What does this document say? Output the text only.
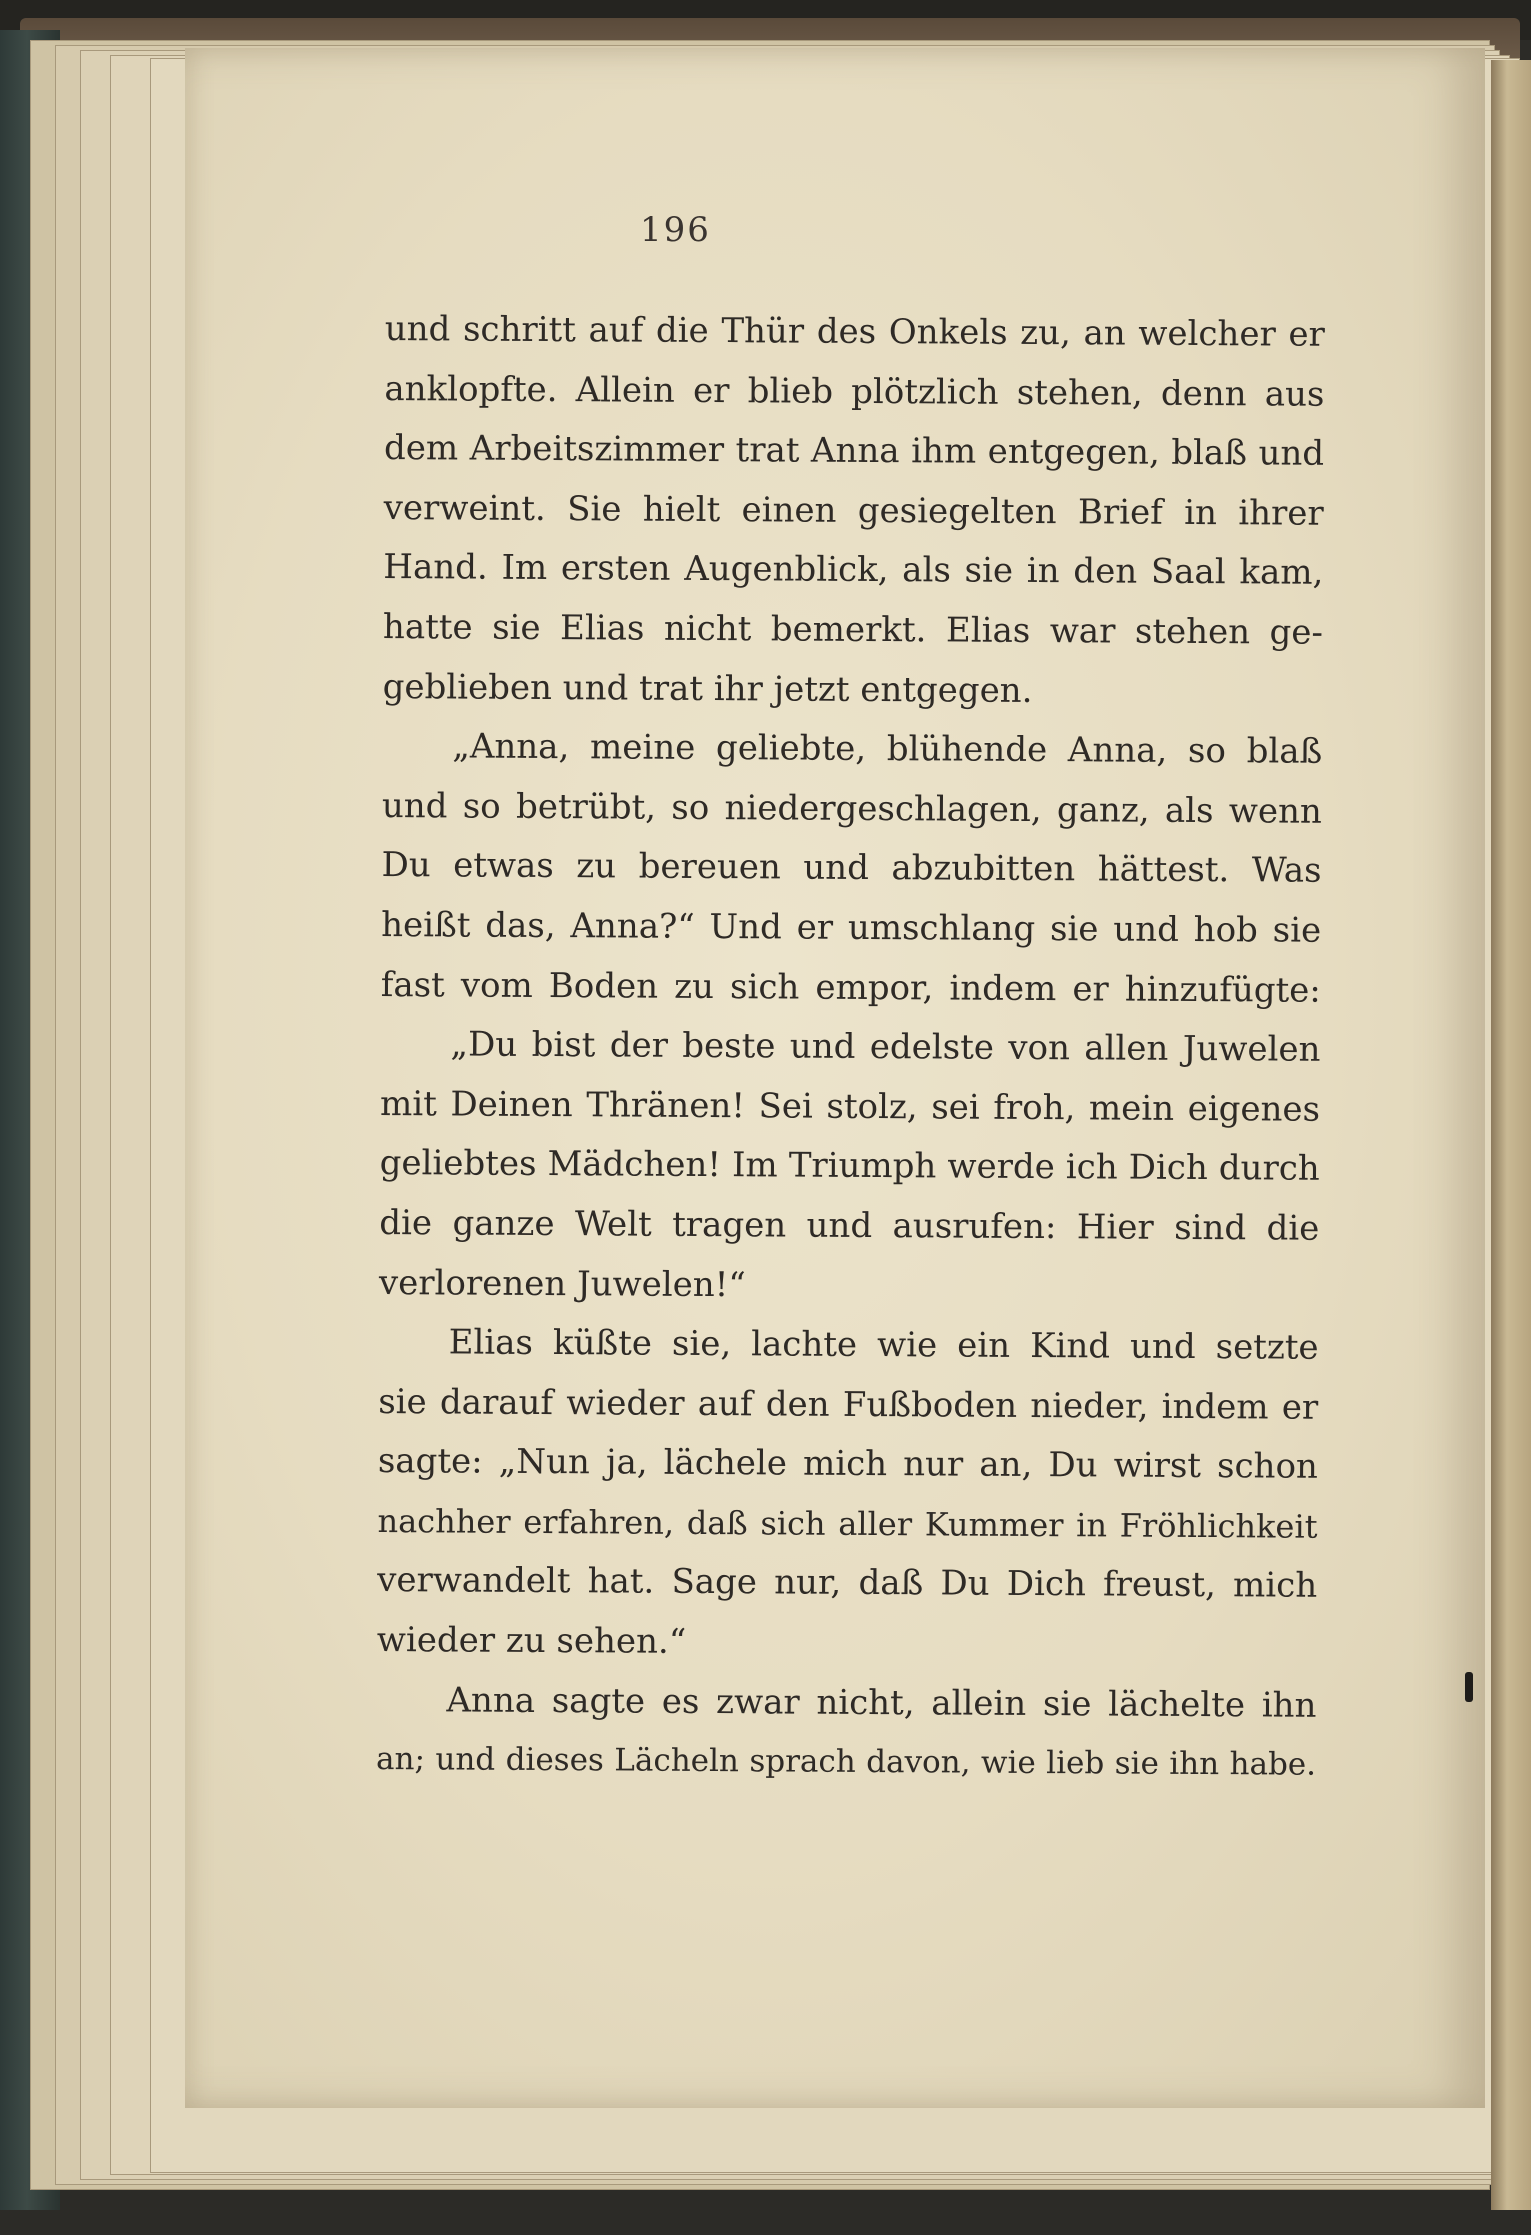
196
und schritt auf die Thür des Onkels zu, an welcher er
anklopfte. Allein er blieb plötzlich stehen, denn aus
dem Arbeitszimmer trat Anna ihm entgegen, blaß und
verweint. Sie hielt einen gesiegelten Brief in ihrer
Hand. Im ersten Augenblick, als sie in den Saal kam,
hatte sie Elias nicht bemerkt. Elias war stehen ge-
geblieben und trat ihr jetzt entgegen.
„Anna, meine geliebte, blühende Anna, so blaß
und so betrübt, so niedergeschlagen, ganz, als wenn
Du etwas zu bereuen und abzubitten hättest. Was
heißt das, Anna?“ Und er umschlang sie und hob sie
fast vom Boden zu sich empor, indem er hinzufügte:
„Du bist der beste und edelste von allen Juwelen
mit Deinen Thränen! Sei stolz, sei froh, mein eigenes
geliebtes Mädchen! Im Triumph werde ich Dich durch
die ganze Welt tragen und ausrufen: Hier sind die
verlorenen Juwelen!“
Elias küßte sie, lachte wie ein Kind und setzte
sie darauf wieder auf den Fußboden nieder, indem er
sagte: „Nun ja, lächele mich nur an, Du wirst schon
nachher erfahren, daß sich aller Kummer in Fröhlichkeit
verwandelt hat. Sage nur, daß Du Dich freust, mich
wieder zu sehen.“
Anna sagte es zwar nicht, allein sie lächelte ihn
an; und dieses Lächeln sprach davon, wie lieb sie ihn habe.
